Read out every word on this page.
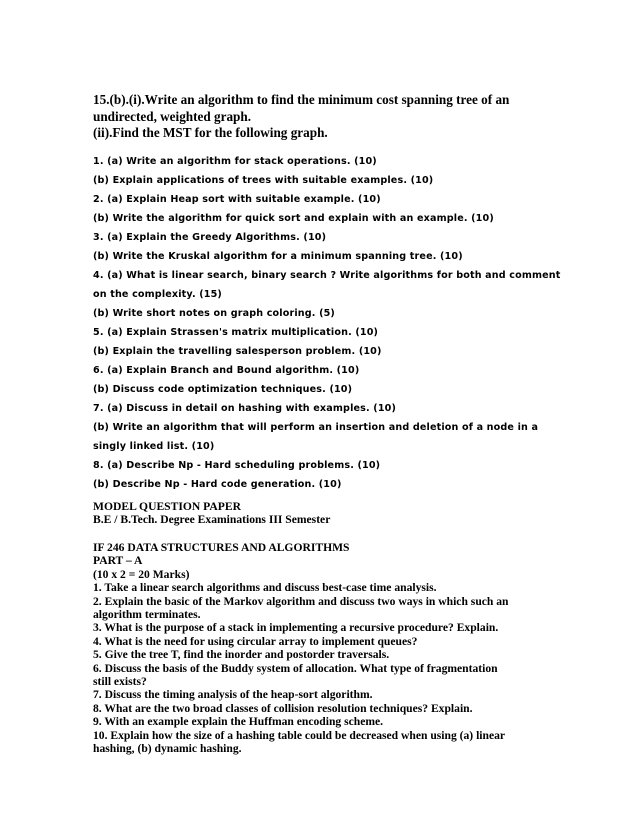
15.(b).(i).Write an algorithm to find the minimum cost spanning tree of an
undirected, weighted graph.
(ii).Find the MST for the following graph.
1. (a) Write an algorithm for stack operations. (10)
(b) Explain applications of trees with suitable examples. (10)
2. (a) Explain Heap sort with suitable example. (10)
(b) Write the algorithm for quick sort and explain with an example. (10)
3. (a) Explain the Greedy Algorithms. (10)
(b) Write the Kruskal algorithm for a minimum spanning tree. (10)
4. (a) What is linear search, binary search ? Write algorithms for both and comment
on the complexity. (15)
(b) Write short notes on graph coloring. (5)
5. (a) Explain Strassen's matrix multiplication. (10)
(b) Explain the travelling salesperson problem. (10)
6. (a) Explain Branch and Bound algorithm. (10)
(b) Discuss code optimization techniques. (10)
7. (a) Discuss in detail on hashing with examples. (10)
(b) Write an algorithm that will perform an insertion and deletion of a node in a
singly linked list. (10)
8. (a) Describe Np - Hard scheduling problems. (10)
(b) Describe Np - Hard code generation. (10)
MODEL QUESTION PAPER
B.E / B.Tech. Degree Examinations III Semester
IF 246 DATA STRUCTURES AND ALGORITHMS
PART – A
(10 x 2 = 20 Marks)
1. Take a linear search algorithms and discuss best-case time analysis.
2. Explain the basic of the Markov algorithm and discuss two ways in which such an
algorithm terminates.
3. What is the purpose of a stack in implementing a recursive procedure? Explain.
4. What is the need for using circular array to implement queues?
5. Give the tree T, find the inorder and postorder traversals.
6. Discuss the basis of the Buddy system of allocation. What type of fragmentation
still exists?
7. Discuss the timing analysis of the heap-sort algorithm.
8. What are the two broad classes of collision resolution techniques? Explain.
9. With an example explain the Huffman encoding scheme.
10. Explain how the size of a hashing table could be decreased when using (a) linear
hashing, (b) dynamic hashing.
